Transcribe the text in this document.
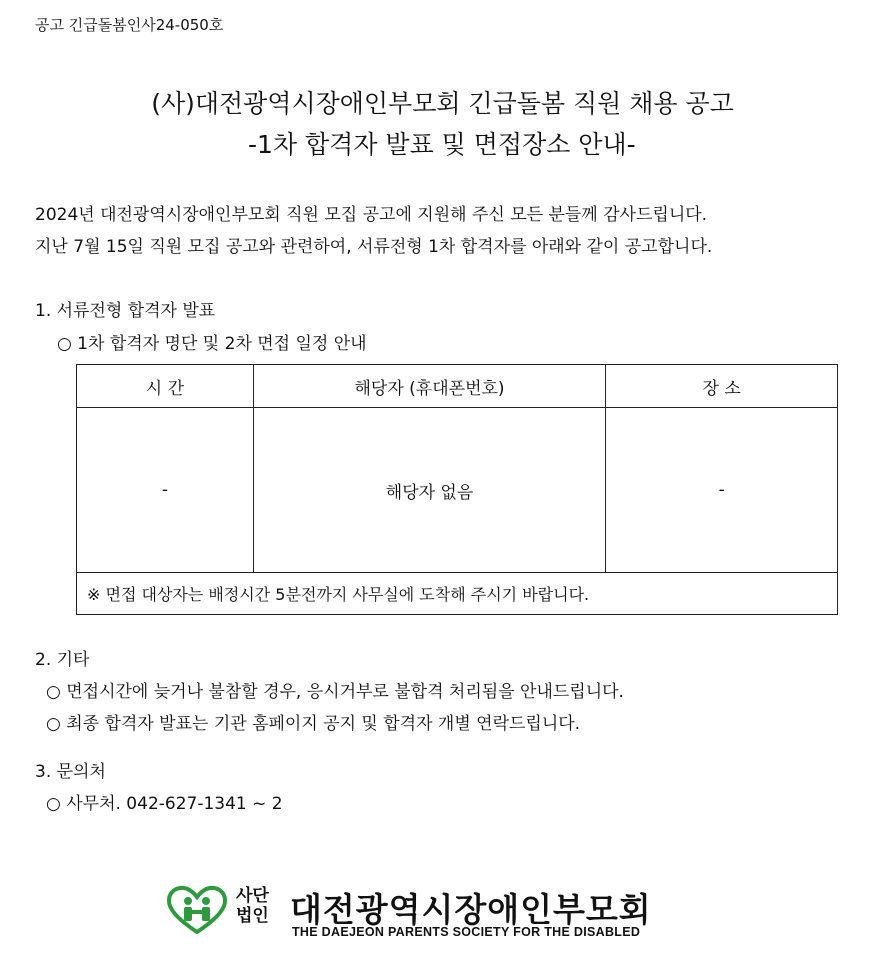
공고 긴급돌봄인사24-050호
(사)대전광역시장애인부모회 긴급돌봄 직원 채용 공고
-1차 합격자 발표 및 면접장소 안내-
2024년 대전광역시장애인부모회 직원 모집 공고에 지원해 주신 모든 분들께 감사드립니다.
지난 7월 15일 직원 모집 공고와 관련하여, 서류전형 1차 합격자를 아래와 같이 공고합니다.
1. 서류전형 합격자 발표
○ 1차 합격자 명단 및 2차 면접 일정 안내
시 간	해당자 (휴대폰번호)	장 소
-	해당자 없음	-
※ 면접 대상자는 배정시간 5분전까지 사무실에 도착해 주시기 바랍니다.		
2. 기타
○ 면접시간에 늦거나 불참할 경우, 응시거부로 불합격 처리됨을 안내드립니다.
○ 최종 합격자 발표는 기관 홈페이지 공지 및 합격자 개별 연락드립니다.
3. 문의처
○ 사무처. 042-627-1341 ~ 2
사단
법인 대전광역시장애인부모회
THE DAEJEON PARENTS SOCIETY FOR THE DISABLED
